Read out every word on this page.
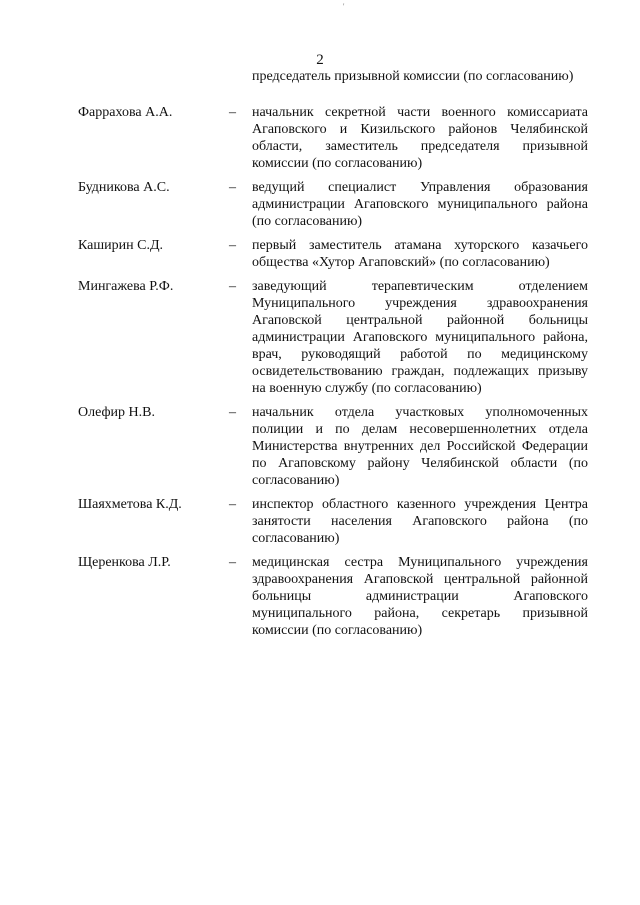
'
2
председатель призывной комиссии (по согласованию)
Фаррахова А.А.	– начальник секретной части военного комиссариата Агаповского и Кизильского районов Челябинской области, заместитель председателя призывной комиссии (по согласованию)
Будникова А.С.	– ведущий специалист Управления образования администрации Агаповского муниципального района (по согласованию)
Каширин С.Д.	– первый заместитель атамана хуторского казачьего общества «Хутор Агаповский» (по согласованию)
Мингажева Р.Ф.	– заведующий терапевтическим отделением Муниципального учреждения здравоохранения Агаповской центральной районной больницы администрации Агаповского муниципального района, врач, руководящий работой по медицинскому освидетельствованию граждан, подлежащих призыву на военную службу (по согласованию)
Олефир Н.В.	– начальник отдела участковых уполномоченных полиции и по делам несовершеннолетних отдела Министерства внутренних дел Российской Федерации по Агаповскому району Челябинской области (по согласованию)
Шаяхметова К.Д.	– инспектор областного казенного учреждения Центра занятости населения Агаповского района (по согласованию)
Щеренкова Л.Р.	– медицинская сестра Муниципального учреждения здравоохранения Агаповской центральной районной больницы администрации Агаповского муниципального района, секретарь призывной комиссии (по согласованию)
